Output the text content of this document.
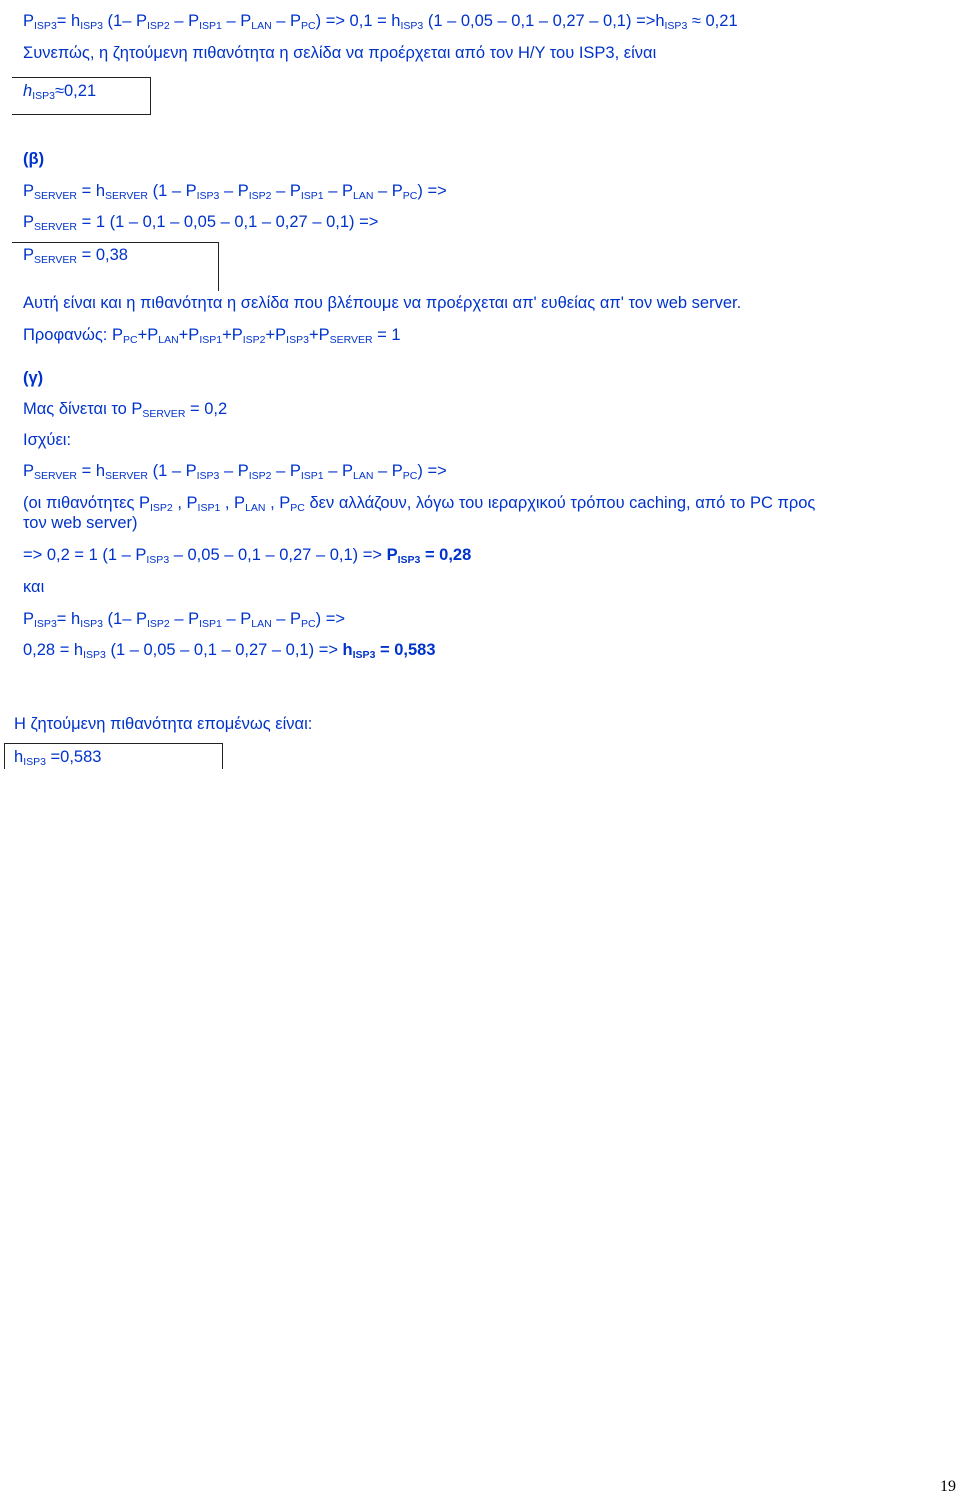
$P_{ISP3}= h_{ISP3}$ (1– $P_{ISP2} - P_{ISP1} - P_{LAN} - P_{PC}) => 0,1 = h_{ISP3}$ $(1 - 0,05 - 0,1 - 0,27 - 0,1) =>h_{ISP3} \approx 0,21$
Συνεπώς, η ζητούμενη πιθανότητα η σελίδα να προέρχεται από τον Η/Υ του ISP3, είναι
$h_{ISP3}\approx 0,21$
(β)
$P_{SERVER} = h_{SERVER}$ $(1 - P_{ISP3} - P_{ISP2} - P_{ISP1} - P_{LAN} - P_{PC})$ =>
$P_{SERVER} = 1$ (1 – 0,1 – 0,05 – 0,1 – 0,27 – 0,1) =>
$P_{SERVER} = 0,38$
Αυτή είναι και η πιθανότητα η σελίδα που βλέπουμε να προέρχεται απ' ευθείας απ' τον web server.
Προφανώς: $P_{PC}+P_{LAN}+P_{ISP1}+P_{ISP2}+P_{ISP3}+P_{SERVER} = 1$
(γ)
Μας δίνεται το $P_{SERVER} = 0,2$
Ισχύει:
$P_{SERVER} = h_{SERVER}$ $(1 - P_{ISP3} - P_{ISP2} - P_{ISP1} - P_{LAN} - P_{PC})$ =>
(οι πιθανότητες $P_{ISP2}$ , $P_{ISP1}$ , $P_{LAN}$ , $P_{PC}$ δεν αλλάζουν, λόγω του ιεραρχικού τρόπου caching, από το PC προς
τον web server)
=> 0,2 = 1 $(1 - P_{ISP3} - 0,05 - 0,1 - 0,27 - 0,1) => P_{ISP3} = 0,28$
και
$P_{ISP3}= h_{ISP3}$ (1– $P_{ISP2} - P_{ISP1} - P_{LAN} - P_{PC}$) =>
$0,28 = h_{ISP3}$ $(1 - 0,05 - 0,1 - 0,27 - 0,1) => h_{ISP3} = 0,583$
Η ζητούμενη πιθανότητα επομένως είναι:
$h_{ISP3} =0,583$
19
